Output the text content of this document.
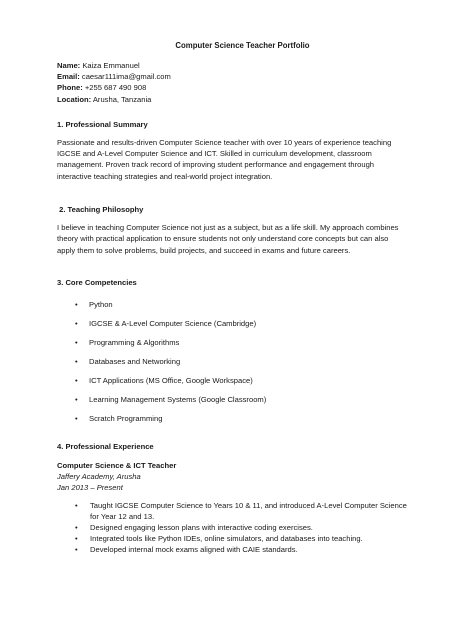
Computer Science Teacher Portfolio

Name: Kaiza Emmanuel

Email: caesar111ima@gmail.com

Phone: +255 687 490 908

Location: Arusha, Tanzania

1. Professional Summary

Passionate and results-driven Computer Science teacher with over 10 years of experience teaching

IGCSE and A-Level Computer Science and ICT. Skilled in curriculum development, classroom

management. Proven track record of improving student performance and engagement through

interactive teaching strategies and real-world project integration.

2. Teaching Philosophy

I believe in teaching Computer Science not just as a subject, but as a life skill. My approach combines

theory with practical application to ensure students not only understand core concepts but can also

apply them to solve problems, build projects, and succeed in exams and future careers.

3. Core Competencies

• Python
• IGCSE & A-Level Computer Science (Cambridge)
• Programming & Algorithms
• Databases and Networking
• ICT Applications (MS Office, Google Workspace)
• Learning Management Systems (Google Classroom)
• Scratch Programming

4. Professional Experience

Computer Science & ICT Teacher

Jaffery Academy, Arusha

Jan 2013 – Present

• Taught IGCSE Computer Science to Years 10 & 11, and introduced A-Level Computer Science
for Year 12 and 13.
• Designed engaging lesson plans with interactive coding exercises.
• Integrated tools like Python IDEs, online simulators, and databases into teaching.
• Developed internal mock exams aligned with CAIE standards.
